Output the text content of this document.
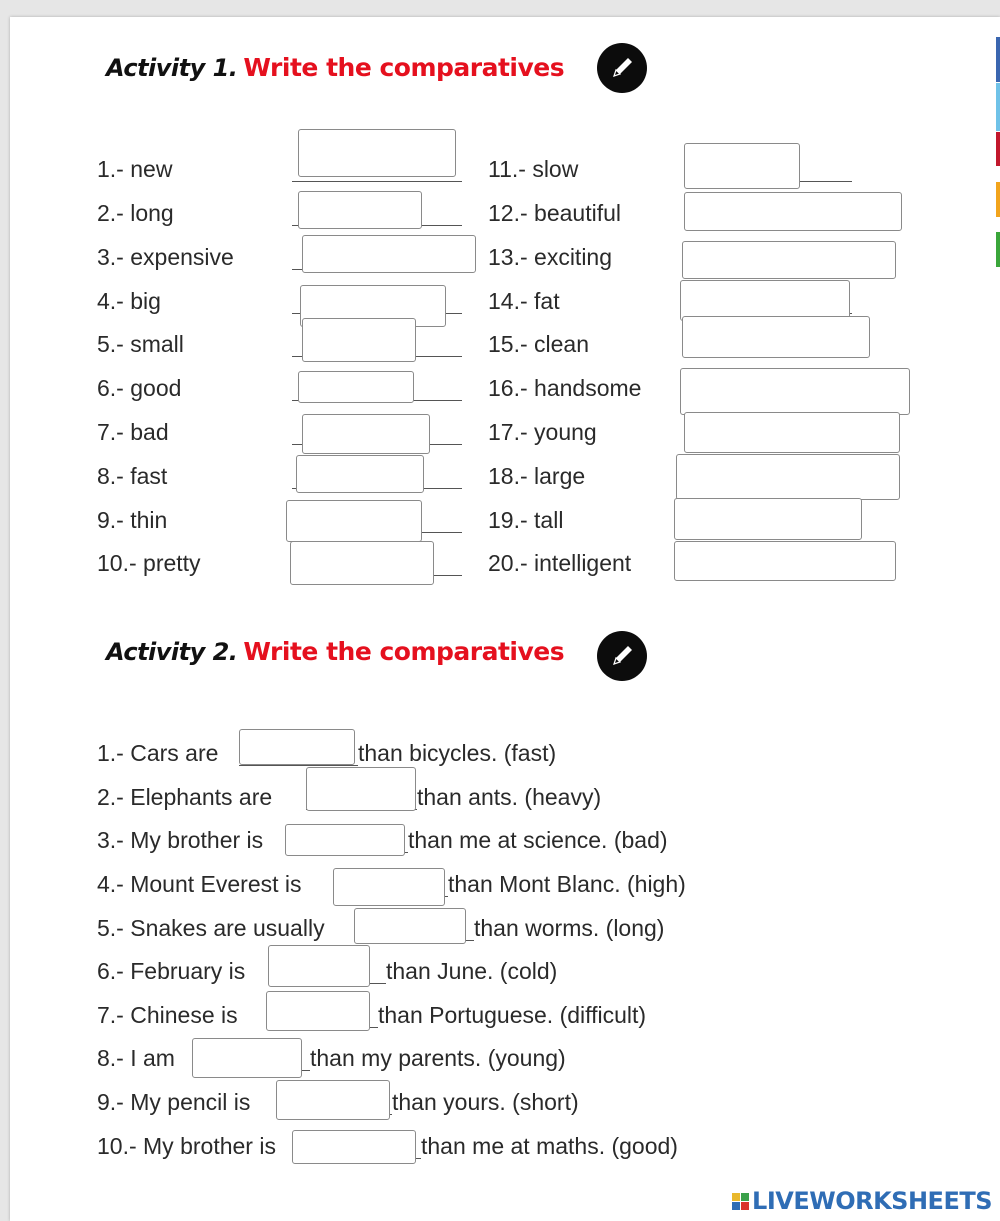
Activity 1. Write the comparatives
1.- new
2.- long
3.- expensive
4.- big
5.- small
6.- good
7.- bad
8.- fast
9.- thin
10.- pretty
11.- slow
12.- beautiful
13.- exciting
14.- fat
15.- clean
16.- handsome
17.- young
18.- large
19.- tall
20.- intelligent
Activity 2. Write the comparatives
1.- Cars are	than bicycles. (fast)
2.- Elephants are	than ants. (heavy)
3.- My brother is	than me at science. (bad)
4.- Mount Everest is	than Mont Blanc. (high)
5.- Snakes are usually	than worms. (long)
6.- February is	than June. (cold)
7.- Chinese is	than Portuguese. (difficult)
8.- I am	than my parents. (young)
9.- My pencil is	than yours. (short)
10.- My brother is	than me at maths. (good)
LIVEWORKSHEETS
